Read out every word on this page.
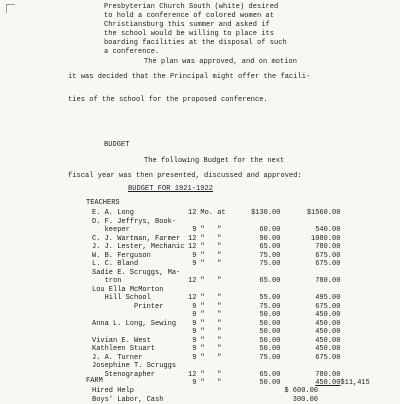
Presbyterian Church South (white) desired
to hold a conference of colored women at
Christiansburg this summer and asked if
the school would be willing to place its
boarding facilities at the disposal of such
a conference.
The plan was approved, and on motion
it was decided that the Principal might offer the facili-
ties of the school for the proposed conference.
BUDGET
The following Budget for the next
fiscal year was then presented, discussed and approved:
BUDGET FOR 1921-1922
TEACHERS
E. A. Long	12	Mo. at	$130.00	$1560.00	
D. F. Jeffrys, Book-					
keeper	9	"   "	60.00	540.00	
C. J. Wartman, Farmer	12	"   "	90.00	1080.00	
J. J. Lester, Mechanic	12	"   "	65.00	780.00	
W. B. Ferguson	9	"   "	75.00	675.00	
L. C. Bland	9	"   "	75.00	675.00	
Sadie E. Scruggs, Ma-					
tron	12	"   "	65.00	780.00	
Lou Ella McMorton					
Hill School	12	"   "	55.00	495.00	
Printer	9	"   "	75.00	675.00	
	9	"   "	50.00	450.00	
Anna L. Long, Sewing	9	"   "	50.00	450.00	
	9	"   "	50.00	450.00	
Vivian E. West	9	"   "	50.00	450.00	
Kathleen Stuart	9	"   "	50.00	450.00	
J. A. Turner	9	"   "	75.00	675.00	
Josephine T. Scruggs					
Stenographer	12	"   "	65.00	780.00	
	9	"   "	50.00	450.00	$11,415
FARM
Hired Help	$ 600.00
Boys' Labor, Cash	300.00
